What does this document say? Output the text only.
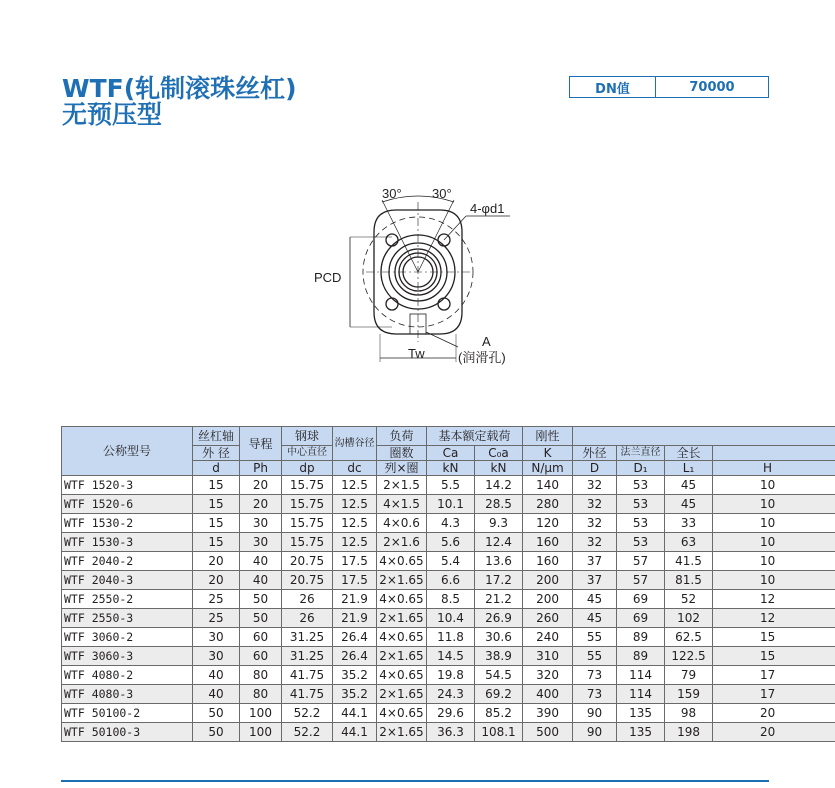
WTF(轧制滚珠丝杠)
无预压型
DN值	70000
30° 30°
4-φd1
PCD
Tw
A
(润滑孔)
公称型号	丝杠轴	导程	钢球	沟槽谷径	负荷	基本额定载荷		刚性				
	外 径		中心直径		圈数	Ca	C₀a	K	外径	法兰直径	全长	
	d	Ph	dp	dc	列×圈	kN	kN	N/μm	D	D₁	L₁	H
WTF 1520-3	15	20	15.75	12.5	2×1.5	5.5	14.2	140	32	53	45	10
WTF 1520-6	15	20	15.75	12.5	4×1.5	10.1	28.5	280	32	53	45	10
WTF 1530-2	15	30	15.75	12.5	4×0.6	4.3	9.3	120	32	53	33	10
WTF 1530-3	15	30	15.75	12.5	2×1.6	5.6	12.4	160	32	53	63	10
WTF 2040-2	20	40	20.75	17.5	4×0.65	5.4	13.6	160	37	57	41.5	10
WTF 2040-3	20	40	20.75	17.5	2×1.65	6.6	17.2	200	37	57	81.5	10
WTF 2550-2	25	50	26	21.9	4×0.65	8.5	21.2	200	45	69	52	12
WTF 2550-3	25	50	26	21.9	2×1.65	10.4	26.9	260	45	69	102	12
WTF 3060-2	30	60	31.25	26.4	4×0.65	11.8	30.6	240	55	89	62.5	15
WTF 3060-3	30	60	31.25	26.4	2×1.65	14.5	38.9	310	55	89	122.5	15
WTF 4080-2	40	80	41.75	35.2	4×0.65	19.8	54.5	320	73	114	79	17
WTF 4080-3	40	80	41.75	35.2	2×1.65	24.3	69.2	400	73	114	159	17
WTF 50100-2	50	100	52.2	44.1	4×0.65	29.6	85.2	390	90	135	98	20
WTF 50100-3	50	100	52.2	44.1	2×1.65	36.3	108.1	500	90	135	198	20
